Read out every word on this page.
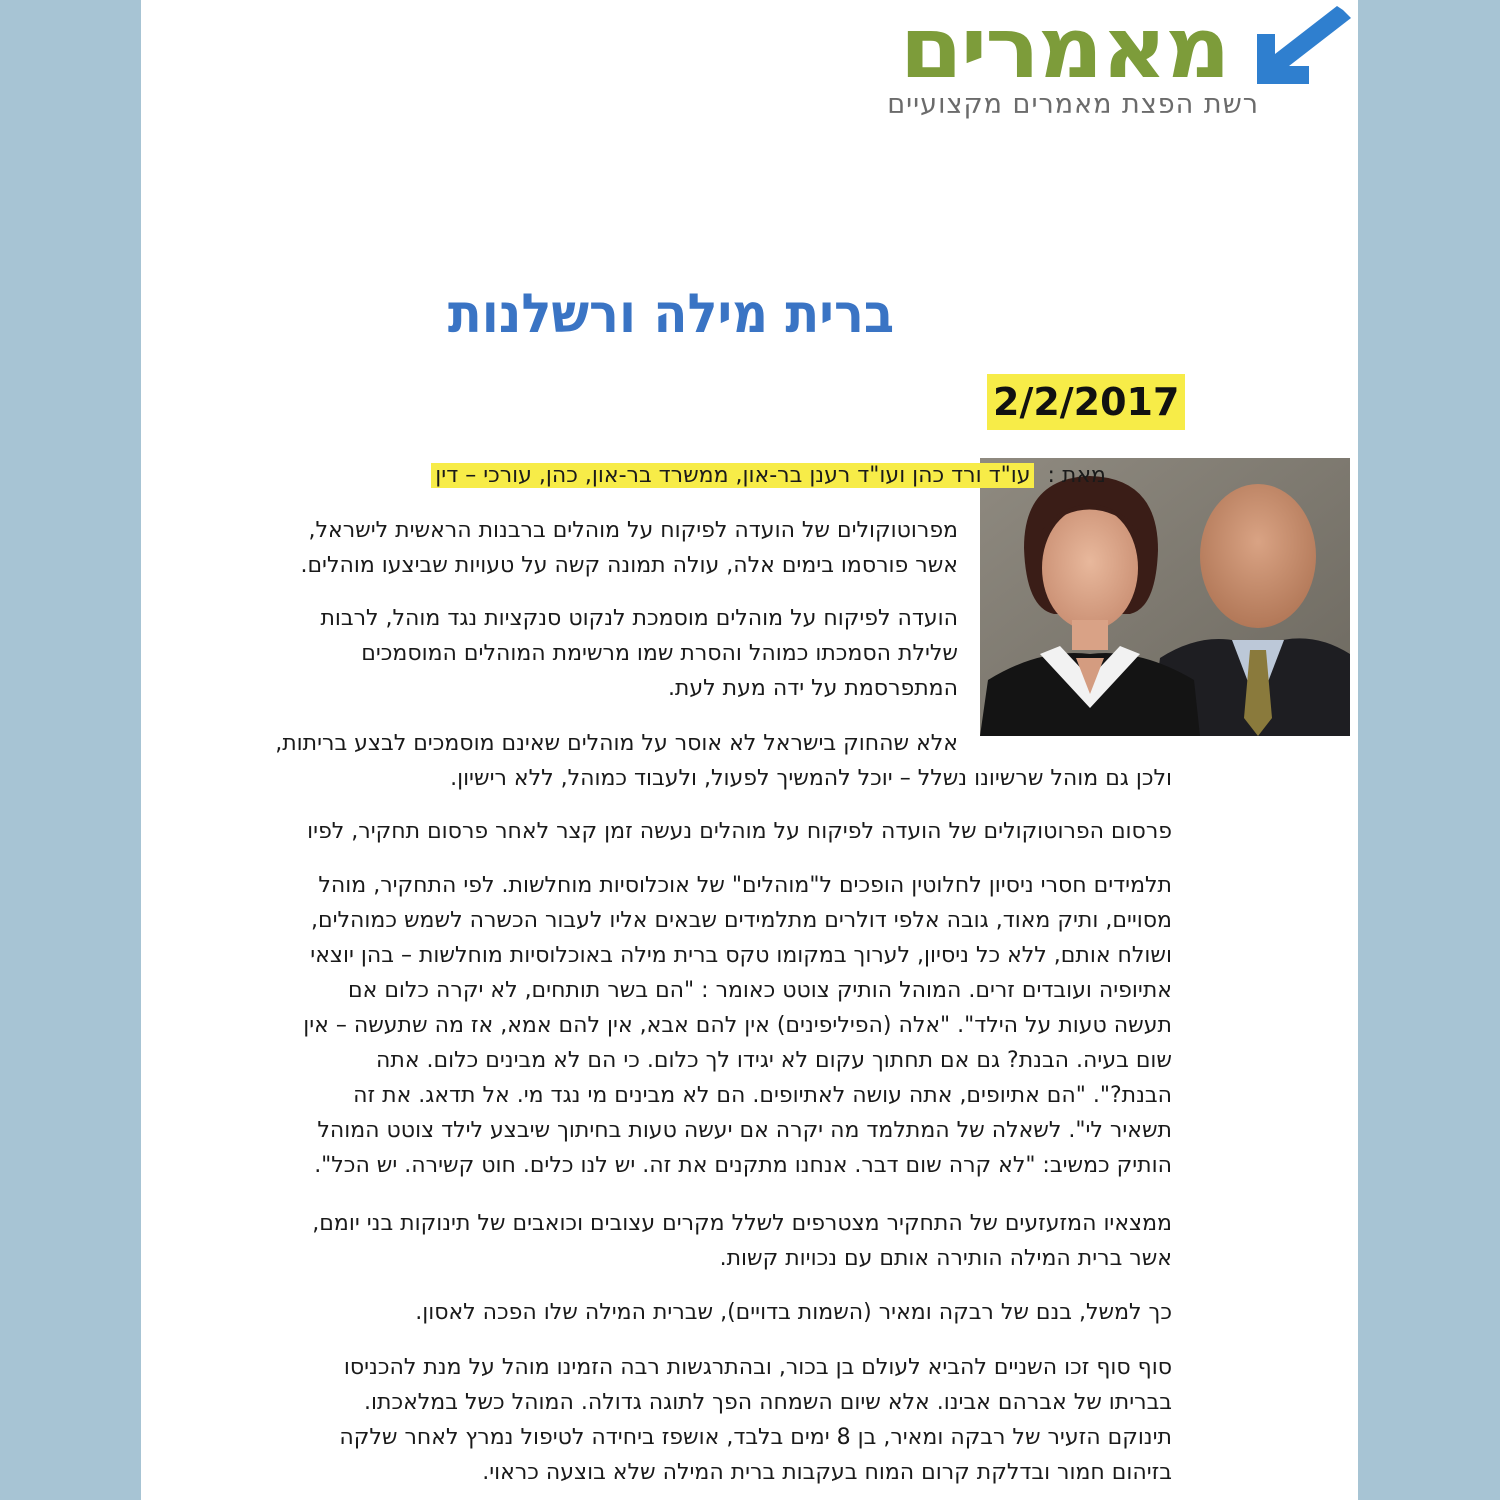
מאמרים
רשת הפצת מאמרים מקצועיים
ברית מילה ורשלנות
2/2/2017
מאת : עו"ד ורד כהן ועו"ד רענן בר-און, ממשרד בר-און, כהן, עורכי – דין
מפרוטוקולים של הועדה לפיקוח על מוהלים ברבנות הראשית לישראל,
אשר פורסמו בימים אלה, עולה תמונה קשה על טעויות שביצעו מוהלים.
הועדה לפיקוח על מוהלים מוסמכת לנקוט סנקציות נגד מוהל, לרבות
שלילת הסמכתו כמוהל והסרת שמו מרשימת המוהלים המוסמכים
המתפרסמת על ידה מעת לעת.
אלא שהחוק בישראל לא אוסר על מוהלים שאינם מוסמכים לבצע בריתות,
ולכן גם מוהל שרשיונו נשלל – יוכל להמשיך לפעול, ולעבוד כמוהל, ללא רישיון.
פרסום הפרוטוקולים של הועדה לפיקוח על מוהלים נעשה זמן קצר לאחר פרסום תחקיר, לפיו
תלמידים חסרי ניסיון לחלוטין הופכים ל"מוהלים" של אוכלוסיות מוחלשות. לפי התחקיר, מוהל
מסויים, ותיק מאוד, גובה אלפי דולרים מתלמידים שבאים אליו לעבור הכשרה לשמש כמוהלים,
ושולח אותם, ללא כל ניסיון, לערוך במקומו טקס ברית מילה באוכלוסיות מוחלשות – בהן יוצאי
אתיופיה ועובדים זרים. המוהל הותיק צוטט כאומר : "הם בשר תותחים, לא יקרה כלום אם
תעשה טעות על הילד". "אלה (הפיליפינים) אין להם אבא, אין להם אמא, אז מה שתעשה – אין
שום בעיה. הבנת? גם אם תחתוך עקום לא יגידו לך כלום. כי הם לא מבינים כלום. אתה
הבנת?". "הם אתיופים, אתה עושה לאתיופים. הם לא מבינים מי נגד מי. אל תדאג. את זה
תשאיר לי". לשאלה של המתלמד מה יקרה אם יעשה טעות בחיתוך שיבצע לילד צוטט המוהל
הותיק כמשיב: "לא קרה שום דבר. אנחנו מתקנים את זה. יש לנו כלים. חוט קשירה. יש הכל".
ממצאיו המזעזעים של התחקיר מצטרפים לשלל מקרים עצובים וכואבים של תינוקות בני יומם,
אשר ברית המילה הותירה אותם עם נכויות קשות.
כך למשל, בנם של רבקה ומאיר (השמות בדויים), שברית המילה שלו הפכה לאסון.
סוף סוף זכו השניים להביא לעולם בן בכור, ובהתרגשות רבה הזמינו מוהל על מנת להכניסו
בבריתו של אברהם אבינו. אלא שיום השמחה הפך לתוגה גדולה. המוהל כשל במלאכתו.
תינוקם הזעיר של רבקה ומאיר, בן 8 ימים בלבד, אושפז ביחידה לטיפול נמרץ לאחר שלקה
בזיהום חמור ובדלקת קרום המוח בעקבות ברית המילה שלא בוצעה כראוי.
